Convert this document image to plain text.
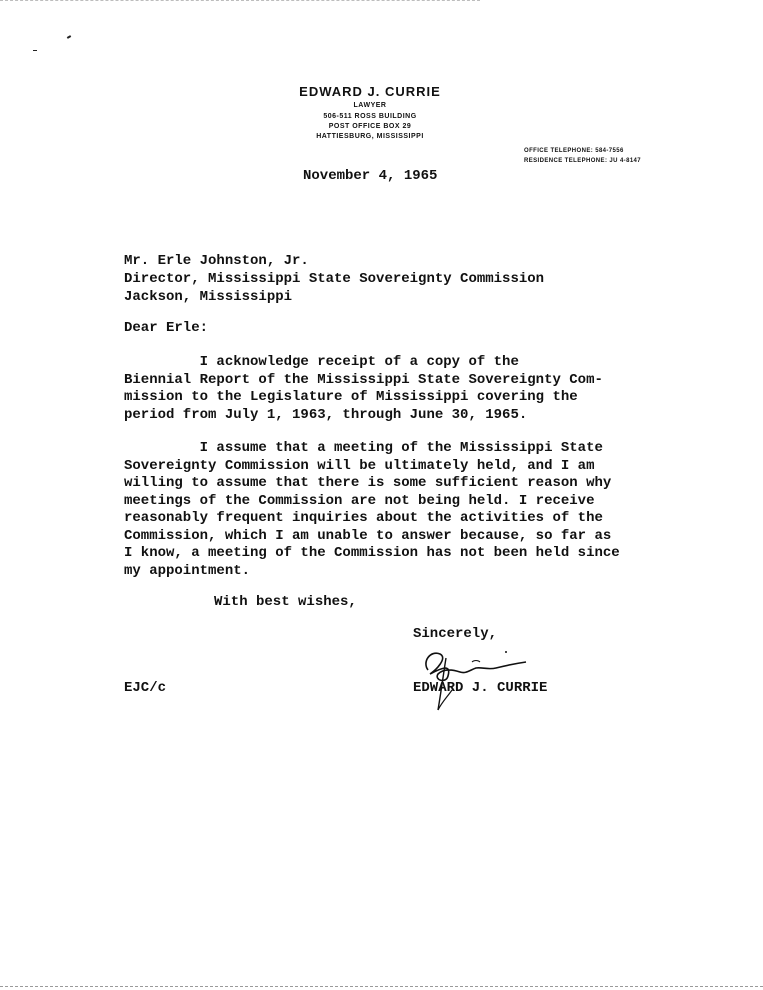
EDWARD J. CURRIE
LAWYER
506-511 ROSS BUILDING
POST OFFICE BOX 29
HATTIESBURG, MISSISSIPPI
OFFICE TELEPHONE: 584-7556
RESIDENCE TELEPHONE: JU 4-8147
November 4, 1965
Mr. Erle Johnston, Jr.
Director, Mississippi State Sovereignty Commission
Jackson, Mississippi
Dear Erle:
I acknowledge receipt of a copy of the
Biennial Report of the Mississippi State Sovereignty Com-
mission to the Legislature of Mississippi covering the
period from July 1, 1963, through June 30, 1965.
I assume that a meeting of the Mississippi State
Sovereignty Commission will be ultimately held, and I am
willing to assume that there is some sufficient reason why
meetings of the Commission are not being held. I receive
reasonably frequent inquiries about the activities of the
Commission, which I am unable to answer because, so far as
I know, a meeting of the Commission has not been held since
my appointment.
With best wishes,
Sincerely,
EJC/c	EDWARD J. CURRIE
